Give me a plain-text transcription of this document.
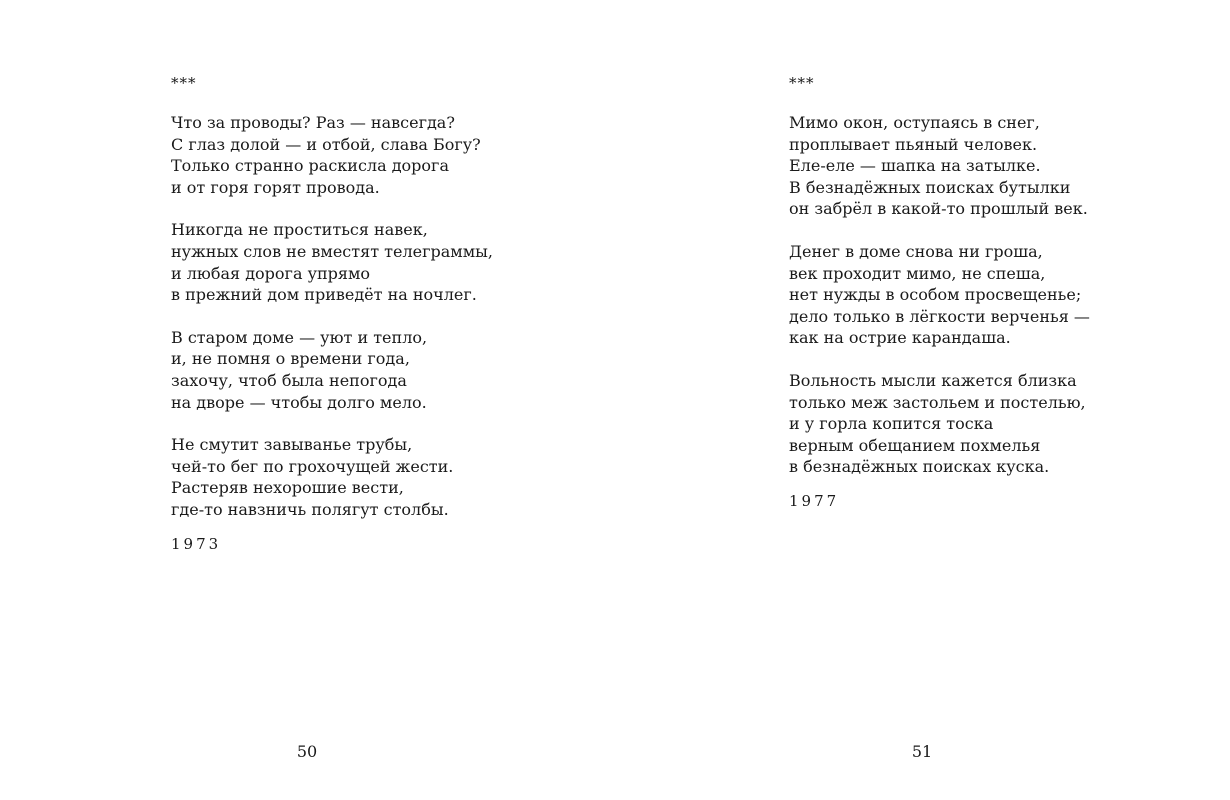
***
Что за проводы? Раз — навсегда?
С глаз долой — и отбой, слава Богу?
Только странно раскисла дорога
и от горя горят провода.
Никогда не проститься навек,
нужных слов не вместят телеграммы,
и любая дорога упрямо
в прежний дом приведёт на ночлег.
В старом доме — уют и тепло,
и, не помня о времени года,
захочу, чтоб была непогода
на дворе — чтобы долго мело.
Не смутит завыванье трубы,
чей-то бег по грохочущей жести.
Растеряв нехорошие вести,
где-то навзничь полягут столбы.
1973
50
***
Мимо окон, оступаясь в снег,
проплывает пьяный человек.
Еле-еле — шапка на затылке.
В безнадёжных поисках бутылки
он забрёл в какой-то прошлый век.
Денег в доме снова ни гроша,
век проходит мимо, не спеша,
нет нужды в особом просвещенье;
дело только в лёгкости верченья —
как на острие карандаша.
Вольность мысли кажется близка
только меж застольем и постелью,
и у горла копится тоска
верным обещанием похмелья
в безнадёжных поисках куска.
1977
51
